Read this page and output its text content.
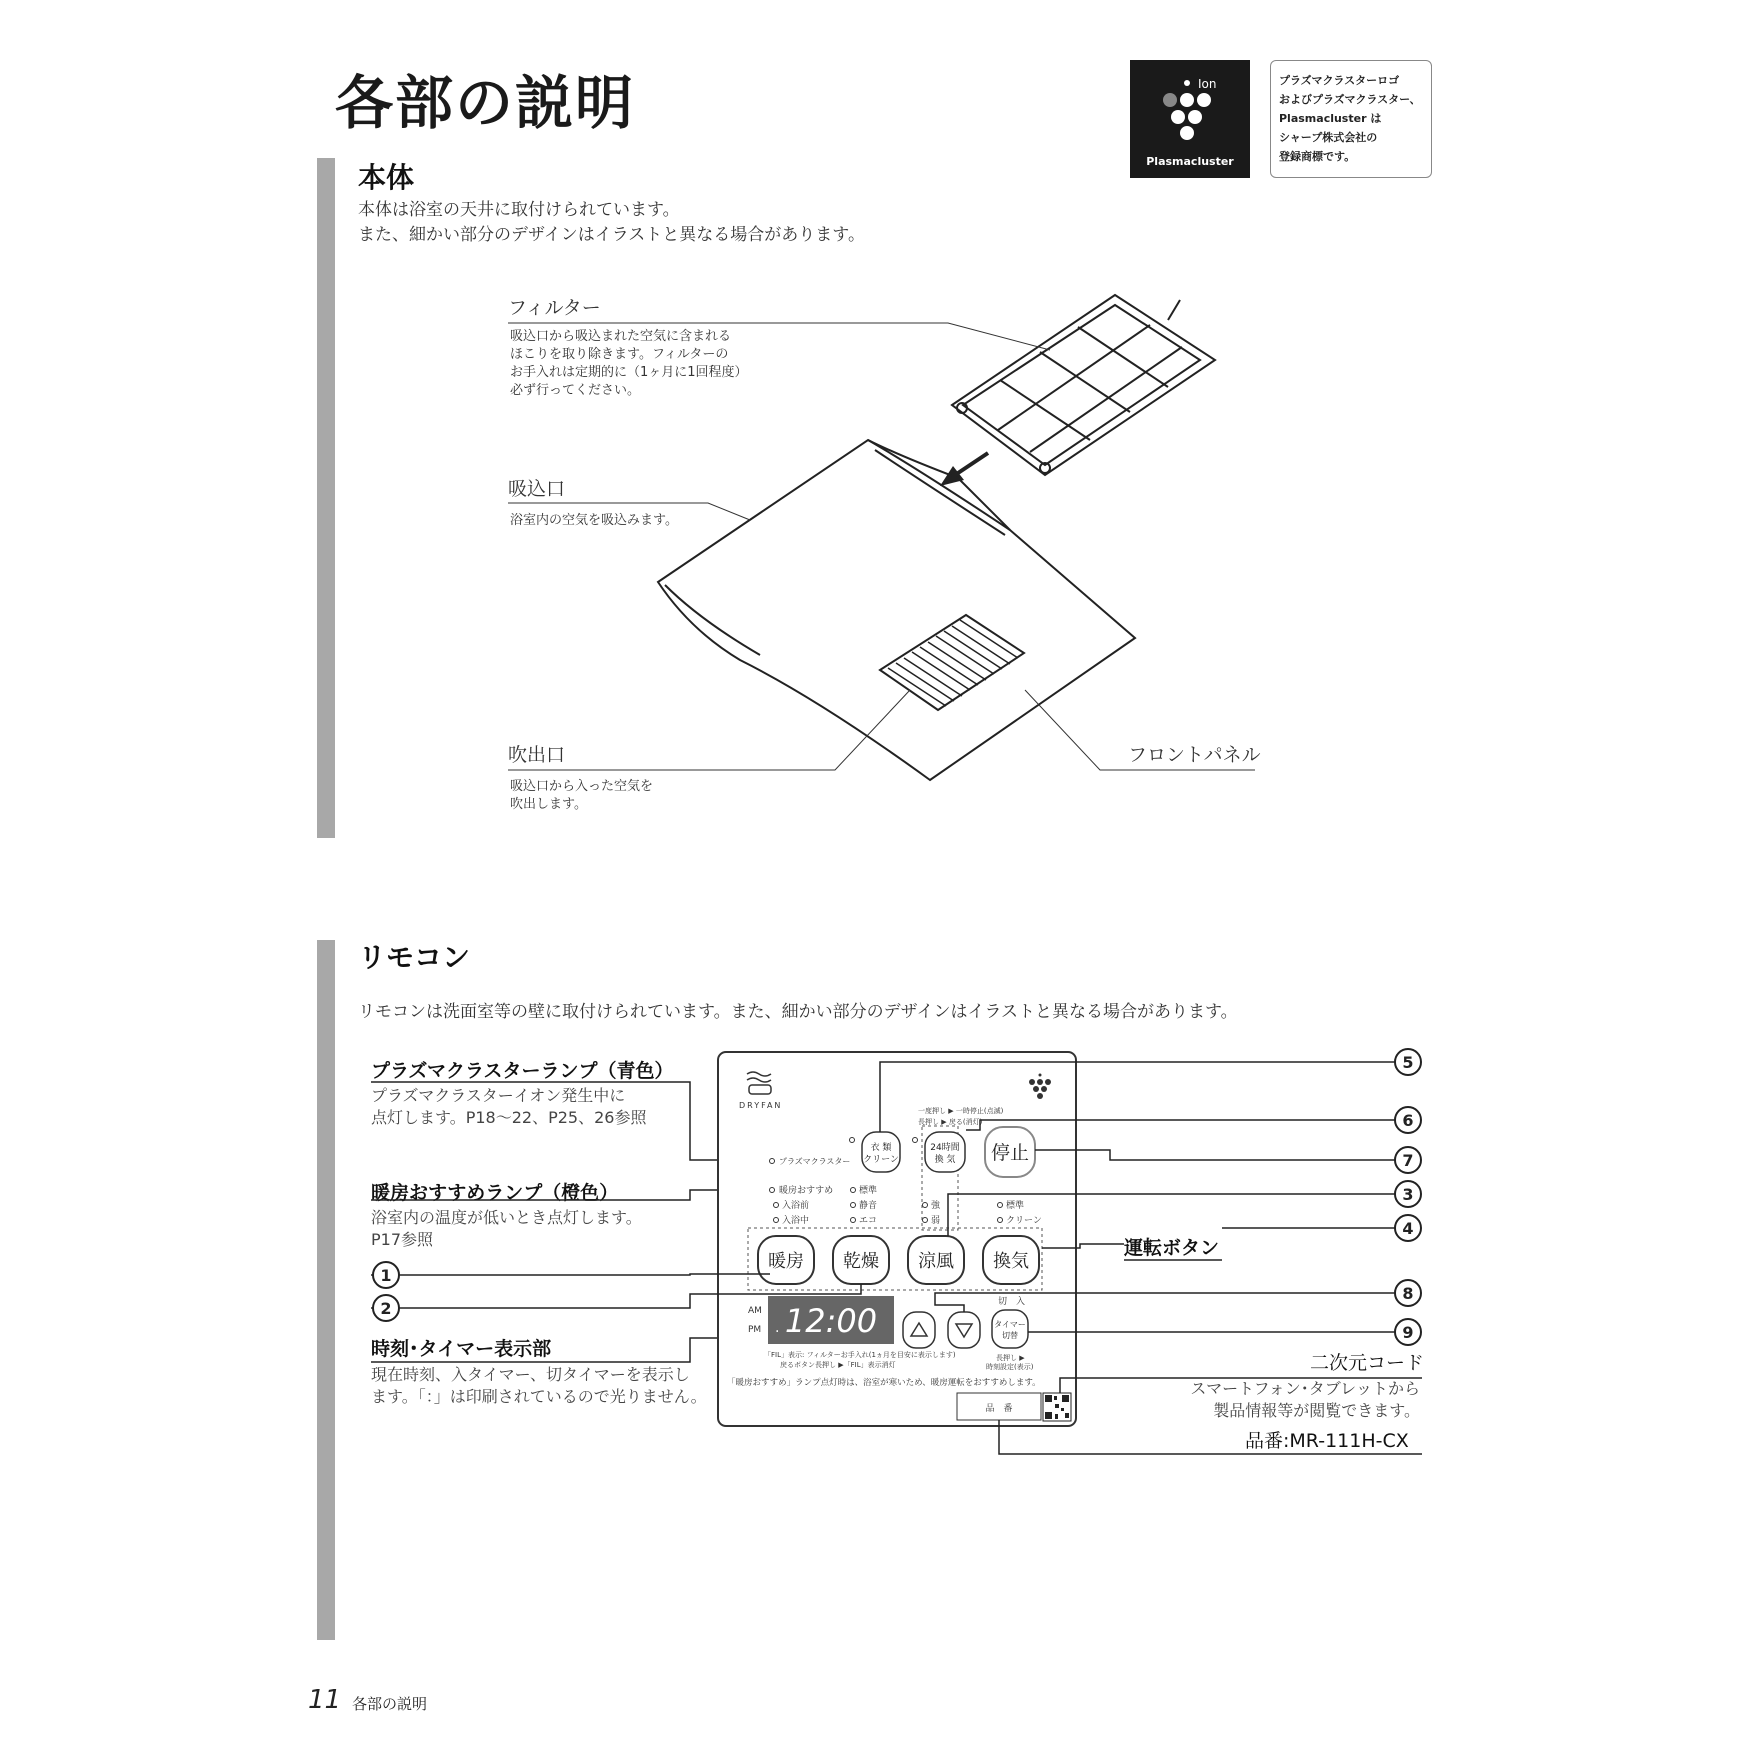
各部の説明	Ion
Plasmacluster
プラズマクラスターロゴ
およびプラズマクラスター、
Plasmacluster は
シャープ株式会社の
登録商標です。
本体
本体は浴室の天井に取付けられています。
また、細かい部分のデザインはイラストと異なる場合があります。
フィルター
吸込口から吸込まれた空気に含まれる
ほこりを取り除きます。フィルターの
お手入れは定期的に（1ヶ月に1回程度）
必ず行ってください。
吸込口
浴室内の空気を吸込みます。
吹出口
吸込口から入った空気を
吹出します。
フロントパネル
リモコン
リモコンは洗面室等の壁に取付けられています。また、細かい部分のデザインはイラストと異なる場合があります。
プラズマクラスターランプ（青色）
プラズマクラスターイオン発生中に
点灯します。P18～22、P25、26参照
暖房おすすめランプ（橙色）
浴室内の温度が低いとき点灯します。
P17参照
時刻･タイマー表示部
現在時刻、入タイマー、切タイマーを表示し
ます。「：」は印刷されているので光りません。
運転ボタン
二次元コード
スマートフォン･タブレットから
製品情報等が閲覧できます。
品番:MR-111H-CX
DRYFAN
プラズマクラスター
暖房おすすめ
入浴前
入浴中
標準
静音
エコ
強
弱
標準
クリーン
一度押し ▶ 一時停止(点滅)
長押し ▶ 戻る(消灯)
衣 類
クリーン
24時間
換 気 停止
暖房 乾燥 涼風 換気
AM
PM 12:00
.
「FIL」表示: フィルターお手入れ(1ヵ月を目安に表示します)
戻るボタン長押し ▶「FIL」表示消灯
切　入
タイマー
切替
長押し ▶
時刻設定(表示)
「暖房おすすめ」ランプ点灯時は、浴室が寒いため、暖房運転をおすすめします。
品　番
1
2
3
4
5
6
7
8
9
11 各部の説明
